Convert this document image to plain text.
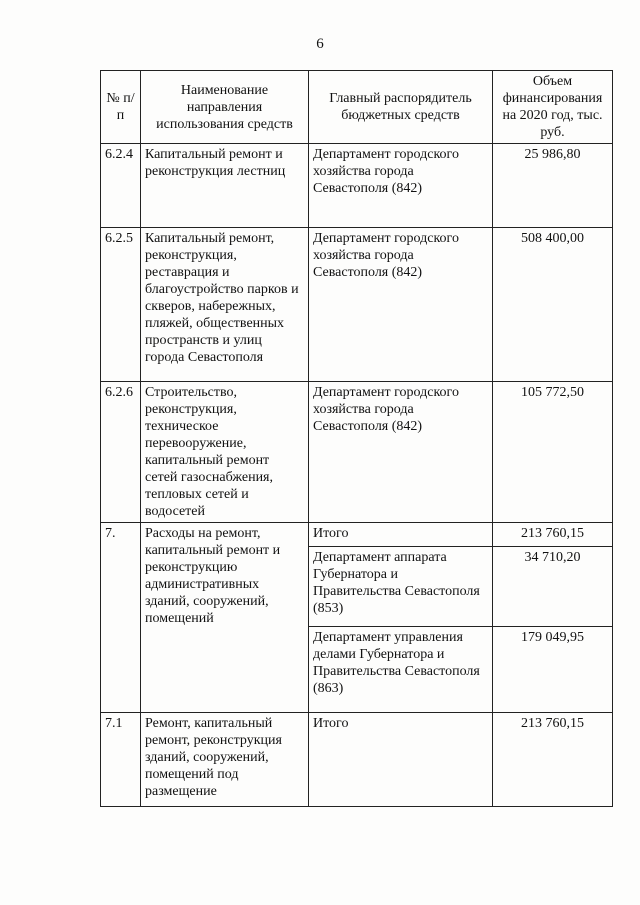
6
№ п/п	Наименование направления использования средств	Главный распорядитель бюджетных средств	Объем финансирования на 2020 год, тыс. руб.
6.2.4	Капитальный ремонт и реконструкция лестниц	Департамент городского хозяйства города Севастополя (842)	25 986,80
6.2.5	Капитальный ремонт, реконструкция, реставрация и благоустройство парков и скверов, набережных, пляжей, общественных пространств и улиц города Севастополя	Департамент городского хозяйства города Севастополя (842)	508 400,00
6.2.6	Строительство, реконструкция, техническое перевооружение, капитальный ремонт сетей газоснабжения, тепловых сетей и водосетей	Департамент городского хозяйства города Севастополя (842)	105 772,50
7.	Расходы на ремонт, капитальный ремонт и реконструкцию административных зданий, сооружений, помещений	Итого	213 760,15
		Департамент аппарата Губернатора и Правительства Севастополя (853)	34 710,20
		Департамент управления делами Губернатора и Правительства Севастополя (863)	179 049,95
7.1	Ремонт, капитальный ремонт, реконструкция зданий, сооружений, помещений под размещение	Итого	213 760,15
